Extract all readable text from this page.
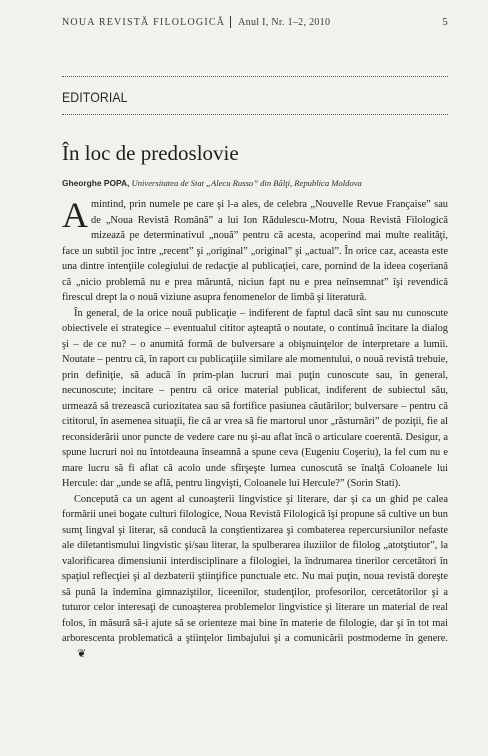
NOUA REVISTĂ FILOLOGICĂ Anul I, Nr. 1–2, 2010	5
EDITORIAL
În loc de predoslovie
Gheorghe POPA, Universitatea de Stat „Alecu Russo” din Bălţi, Republica Moldova

Amintind, prin numele pe care şi l-a ales, de celebra „Nouvelle Revue Française” sau de „Noua Revistă Română” a lui Ion Rădulescu-Motru, Noua Revistă Filologică mizează pe determinativul „nouă” pentru că acesta, acoperind mai multe realităţi, face un subtil joc între „recent” şi „original” „original” şi „actual”. În orice caz, aceasta este una dintre intenţiile colegiului de redacţie al publicaţiei, care, pornind de la ideea coşeriană că „nicio problemă nu e prea măruntă, niciun fapt nu e prea neînsemnat” îşi revendică firescul drept la o nouă viziune asupra fenomenelor de limbă şi literatură.

În general, de la orice nouă publicaţie – indiferent de faptul dacă sînt sau nu cunoscute obiectivele ei strategice – eventualul cititor aşteaptă o noutate, o continuă încitare la dialog şi – de ce nu? – o anumită formă de bulversare a obişnuinţelor de interpretare a lumii. Noutate – pentru că, în raport cu publicaţiile similare ale momentului, o nouă revistă trebuie, prin definiţie, să aducă în prim-plan lucruri mai puţin cunoscute sau, în general, necunoscute; incitare – pentru că orice material publicat, indiferent de subiectul său, urmează să trezească curiozitatea sau să fortifice pasiunea căutărilor; bulversare – pentru că cititorul, în asemenea situaţii, fie că ar vrea să fie martorul unor „răsturnări” de poziţii, fie al reconsiderării unor puncte de vedere care nu şi-au aflat încă o articulare coerentă. Desigur, a spune lucruri noi nu întotdeauna înseamnă a spune ceva (Eugeniu Coşeriu), la fel cum nu e mare lucru să fi aflat că acolo unde sfîrşeşte lumea cunoscută se înalţă Coloanele lui Hercule: dar „unde se află, pentru lingvişti, Coloanele lui Hercule?” (Sorin Stati).

Concepută ca un agent al cunoaşterii lingvistice şi literare, dar şi ca un ghid pe calea formării unei bogate culturi filologice, Noua Revistă Filologică îşi propune să cultive un bun sumţ lingval şi literar, să conducă la conştientizarea şi combaterea repercursiunilor nefaste ale diletantismului lingvistic şi/sau literar, la spulberarea iluziilor de filolog „atotştiutor”, la valorificarea dimensiunii interdisciplinare a filologiei, la îndrumarea tinerilor cercetători în spaţiul reflecţiei şi al dezbaterii ştiinţifice punctuale etc. Nu mai puţin, noua revistă doreşte să pună la îndemîna gimnaziştilor, liceenilor, studenţilor, profesorilor, cercetătorilor şi a tuturor celor interesaţi de cunoaşterea problemelor lingvistice şi literare un material de real folos, în măsură să-i ajute să se orienteze mai bine în materie de filologie, dar şi în tot mai arborescenta problematică a ştiinţelor limbajului şi a comunicării postmoderne în genere.❦
